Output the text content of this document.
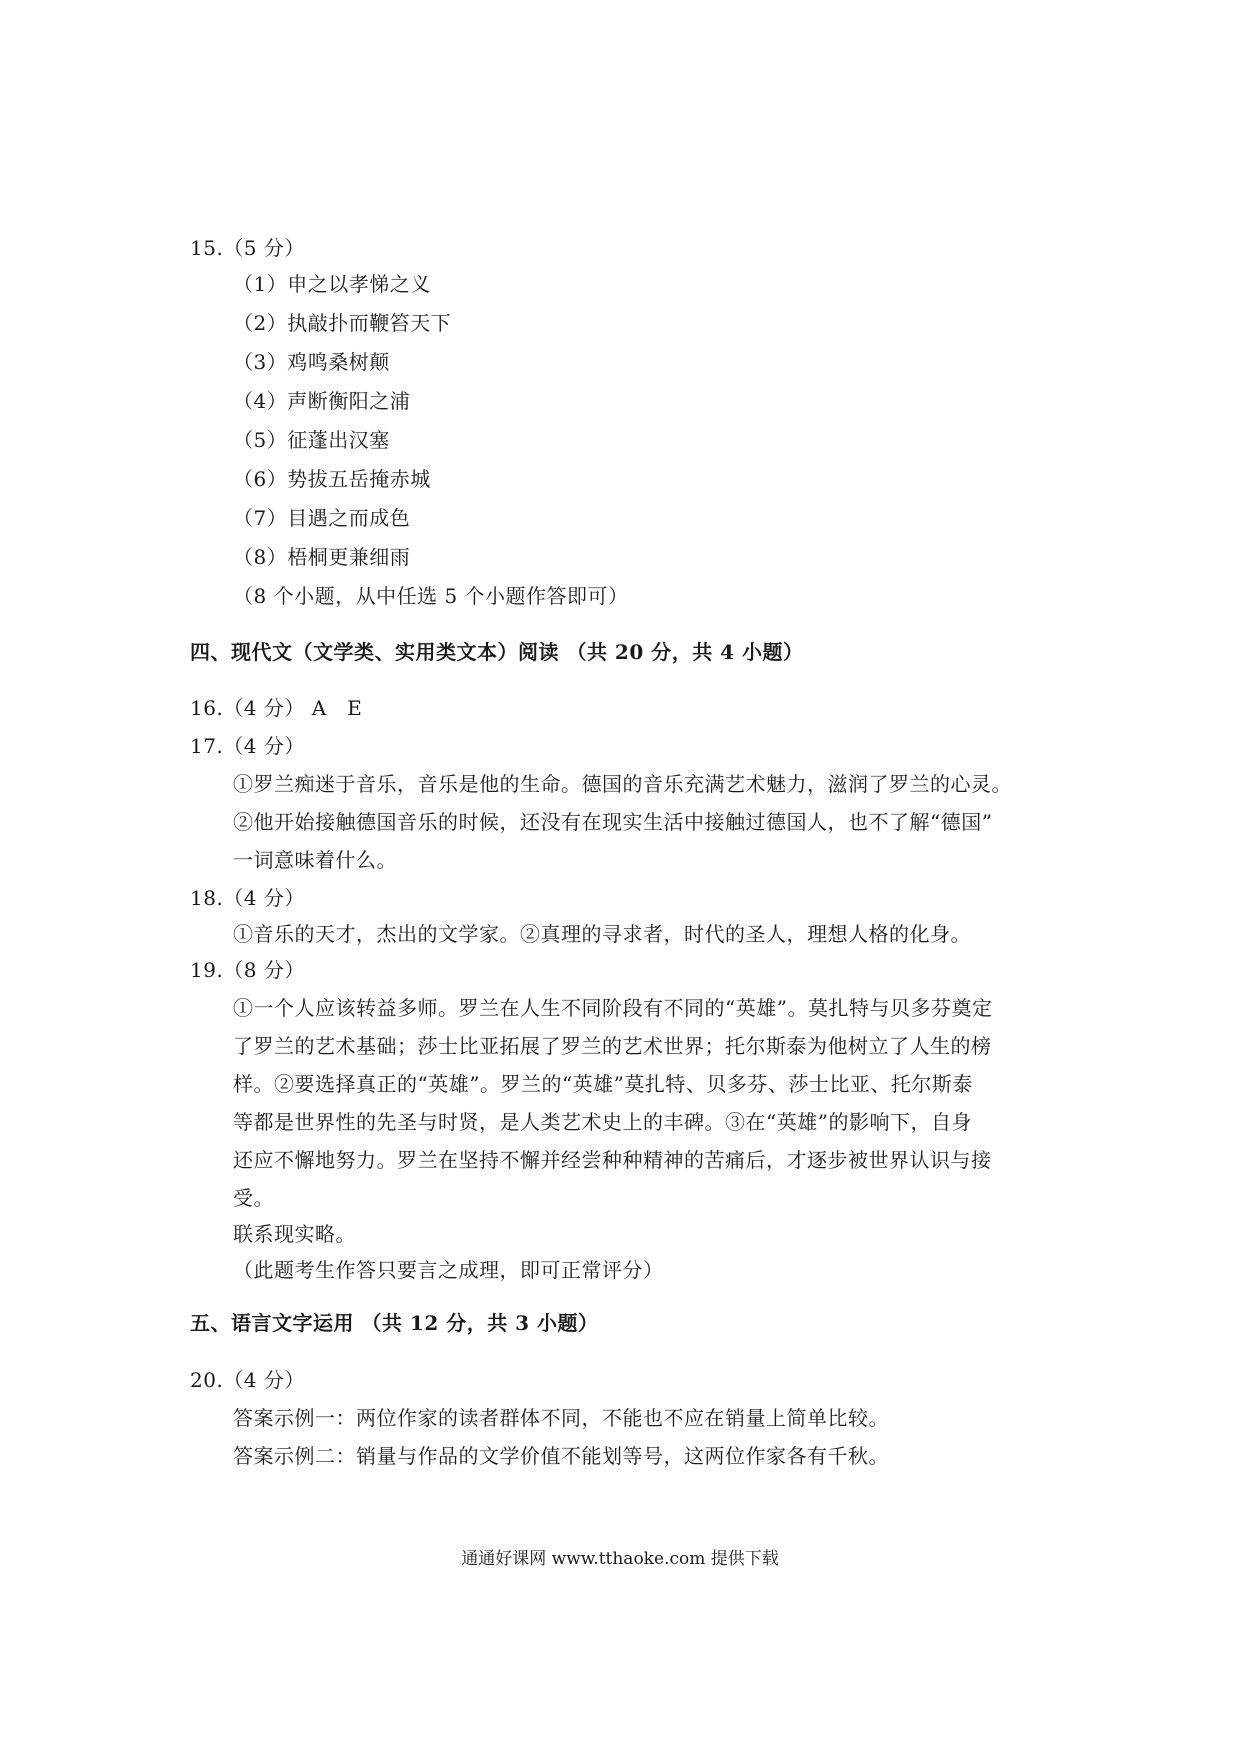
15.（5 分）
（1）申之以孝悌之义
（2）执敲扑而鞭笞天下
（3）鸡鸣桑树颠
（4）声断衡阳之浦
（5）征蓬出汉塞
（6）势拔五岳掩赤城
（7）目遇之而成色
（8）梧桐更兼细雨
（8 个小题，从中任选 5 个小题作答即可）
四、现代文（文学类、实用类文本）阅读 （共 20 分，共 4 小题）
16.（4 分） A　E
17.（4 分）
①罗兰痴迷于音乐，音乐是他的生命。德国的音乐充满艺术魅力，滋润了罗兰的心灵。
②他开始接触德国音乐的时候，还没有在现实生活中接触过德国人，也不了解“德国”
一词意味着什么。
18.（4 分）
①音乐的天才，杰出的文学家。②真理的寻求者，时代的圣人，理想人格的化身。
19.（8 分）
①一个人应该转益多师。罗兰在人生不同阶段有不同的“英雄”。莫扎特与贝多芬奠定
了罗兰的艺术基础；莎士比亚拓展了罗兰的艺术世界；托尔斯泰为他树立了人生的榜
样。②要选择真正的“英雄”。罗兰的“英雄”莫扎特、贝多芬、莎士比亚、托尔斯泰
等都是世界性的先圣与时贤，是人类艺术史上的丰碑。③在“英雄”的影响下，自身
还应不懈地努力。罗兰在坚持不懈并经尝种种精神的苦痛后，才逐步被世界认识与接
受。
联系现实略。
（此题考生作答只要言之成理，即可正常评分）
五、语言文字运用 （共 12 分，共 3 小题）
20.（4 分）
答案示例一：两位作家的读者群体不同，不能也不应在销量上简单比较。
答案示例二：销量与作品的文学价值不能划等号，这两位作家各有千秋。
通通好课网 www.tthaoke.com 提供下载
